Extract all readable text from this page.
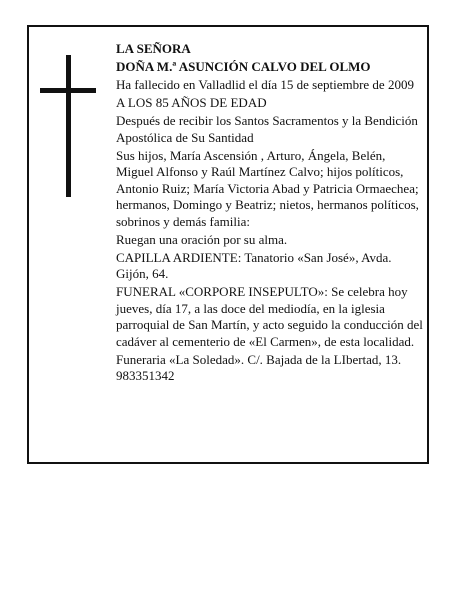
LA SEÑORA

DOÑA M.ª ASUNCIÓN CALVO DEL OLMO

Ha fallecido en Valladlid el día 15 de septiembre de 2009

A LOS 85 AÑOS DE EDAD

Después de recibir los Santos Sacramentos y la Bendición Apostólica de Su Santidad

Sus hijos, María Ascensión , Arturo, Ángela, Belén, Miguel Alfonso y Raúl Martínez Calvo; hijos políticos, Antonio Ruiz; María Victoria Abad y Patricia Ormaechea; hermanos, Domingo y Beatriz; nietos, hermanos políticos, sobrinos y demás familia:

Ruegan una oración por su alma.

CAPILLA ARDIENTE: Tanatorio «San José», Avda. Gijón, 64.

FUNERAL «CORPORE INSEPULTO»: Se celebra hoy jueves, día 17, a las doce del mediodía, en la iglesia parroquial de San Martín, y acto seguido la conducción del cadáver al cementerio de «El Carmen», de esta localidad.

Funeraria «La Soledad». C/. Bajada de la LIbertad, 13. 983351342
